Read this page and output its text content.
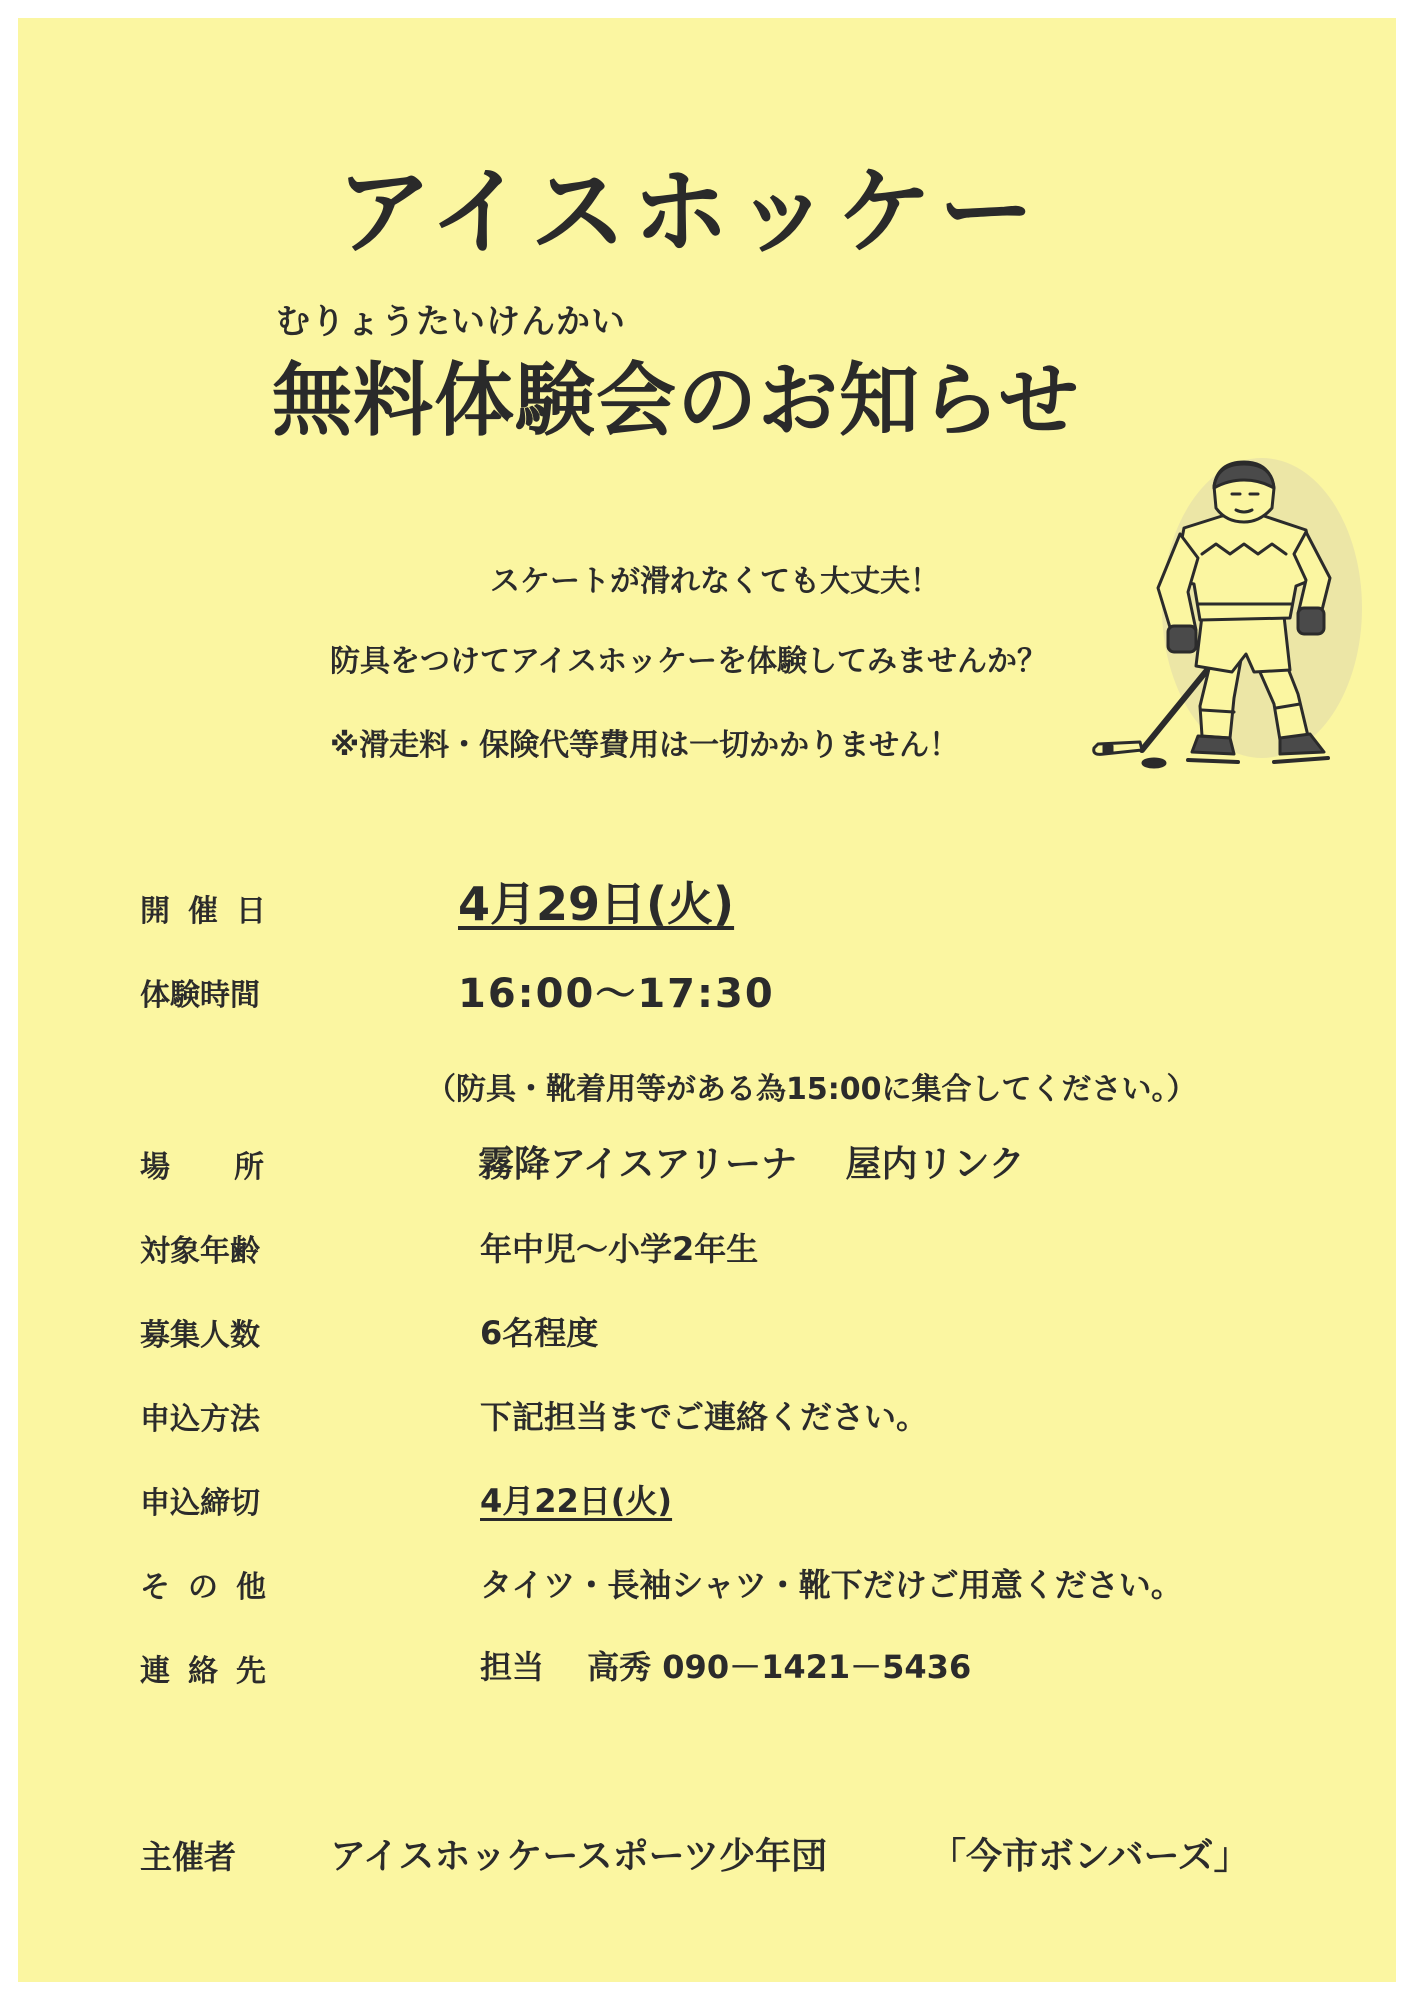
アイスホッケー
むりょうたいけんかい
無料体験会のお知らせ
スケートが滑れなくても大丈夫！
防具をつけてアイスホッケーを体験してみませんか？
※滑走料・保険代等費用は一切かかりません！
開催日	4月29日(火)
体験時間	16:00～17:30
（防具・靴着用等がある為15:00に集合してください。）
場所	霧降アイスアリーナ　 屋内リンク
対象年齢	年中児～小学2年生
募集人数	6名程度
申込方法	下記担当までご連絡ください。
申込締切	4月22日(火)
その他	タイツ・長袖シャツ・靴下だけご用意ください。
連絡先	担当　 高秀 090－1421－5436
主催者	アイスホッケースポーツ少年団	「今市ボンバーズ」
